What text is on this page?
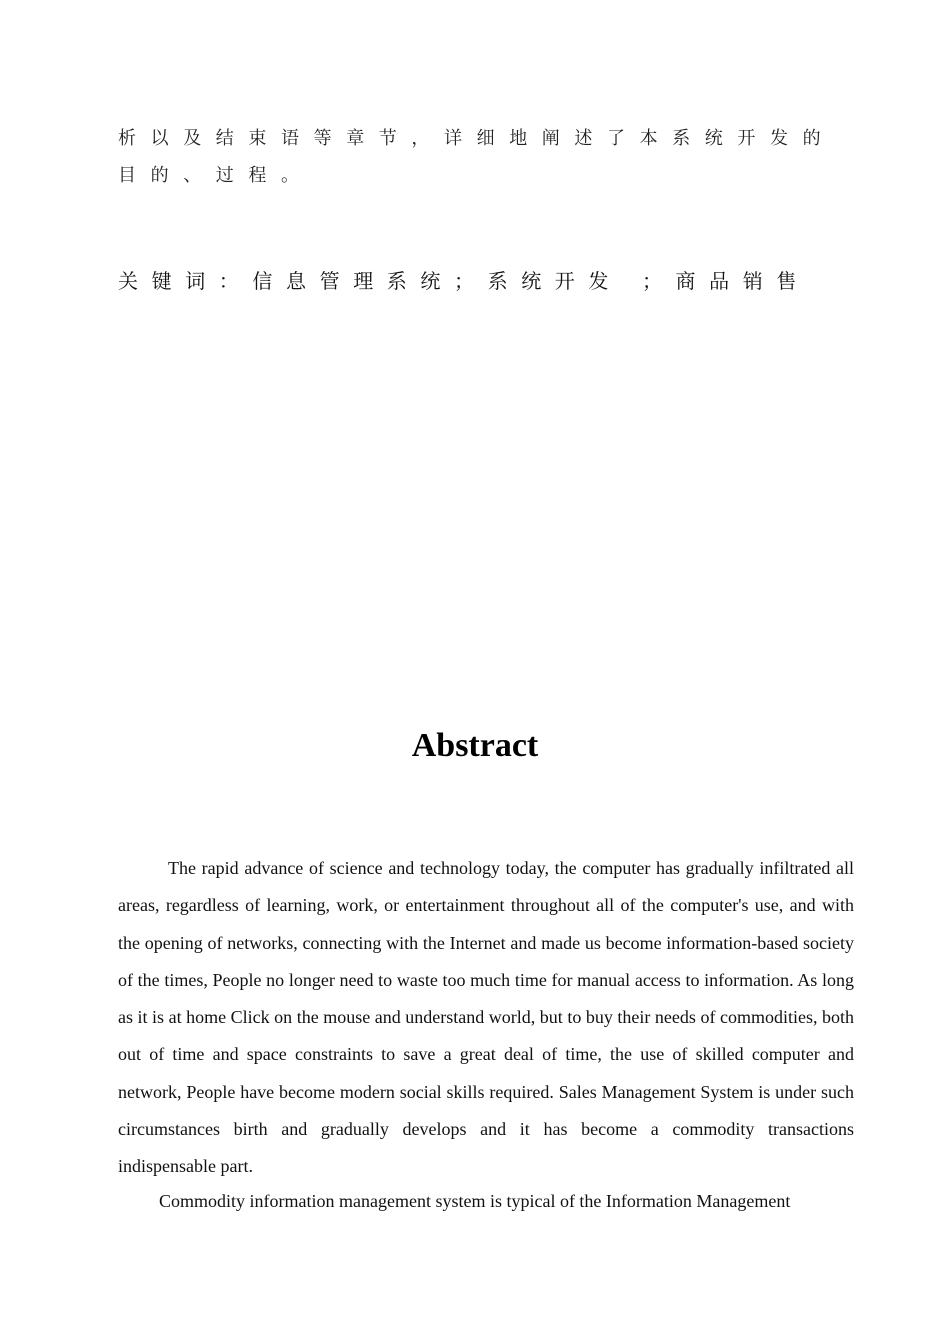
析以及结束语等章节，详细地阐述了本系统开发的
目的、过程。
关键词：信息管理系统；系统开发 ；商品销售
Abstract

The rapid advance of science and technology today, the computer has gradually infiltrated all areas, regardless of learning, work, or entertainment throughout all of the computer's use, and with the opening of networks, connecting with the Internet and made us become information-based society of the times, People no longer need to waste too much time for manual access to information. As long as it is at home Click on the mouse and understand world, but to buy their needs of commodities, both out of time and space constraints to save a great deal of time, the use of skilled computer and network, People have become modern social skills required. Sales Management System is under such circumstances birth and gradually develops and it has become a commodity transactions indispensable part.

Commodity information management system is typical of the Information Management
